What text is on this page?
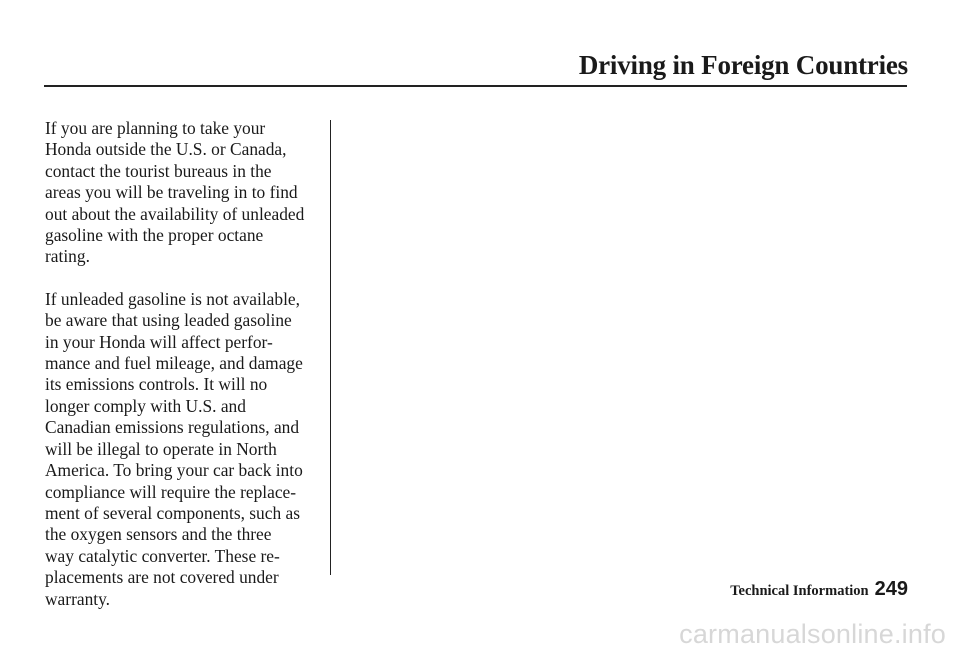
Driving in Foreign Countries

If you are planning to take your

Honda outside the U.S. or Canada,

contact the tourist bureaus in the

areas you will be traveling in to find

out about the availability of unleaded

gasoline with the proper octane

rating.

If unleaded gasoline is not available,

be aware that using leaded gasoline

in your Honda will affect perfor-

mance and fuel mileage, and damage

its emissions controls. It will no

longer comply with U.S. and

Canadian emissions regulations, and

will be illegal to operate in North

America. To bring your car back into

compliance will require the replace-

ment of several components, such as

the oxygen sensors and the three

way catalytic converter. These re-

placements are not covered under

warranty.	Technical Information 249
carmanualsonline.info
